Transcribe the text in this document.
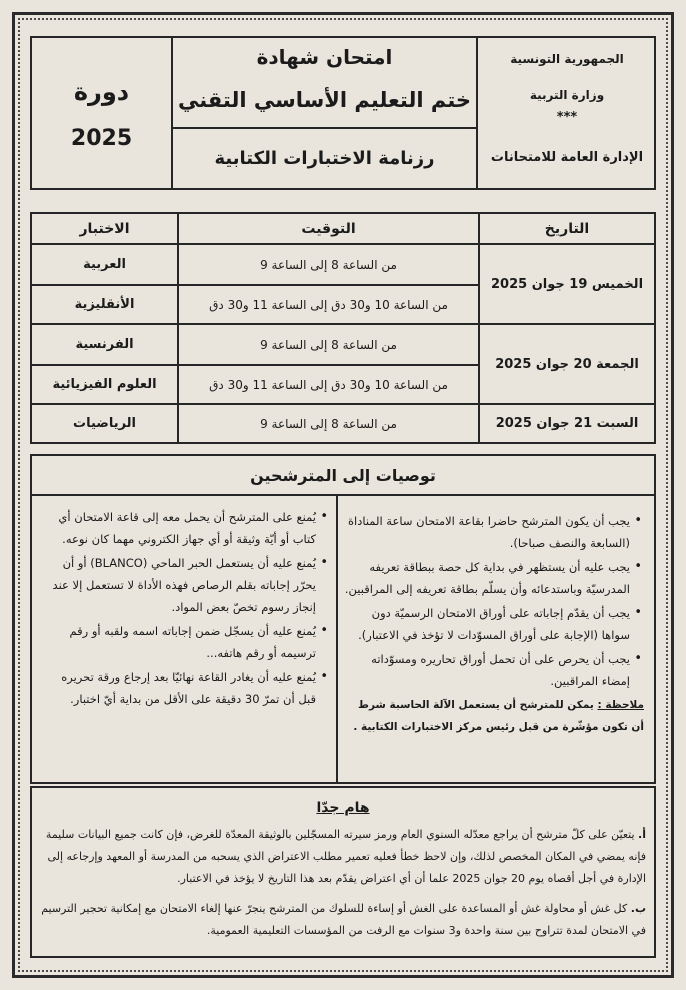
الجمهورية التونسية
وزارة التربية
***
الإدارة العامة للامتحانات
امتحان شهادة
ختم التعليم الأساسي التقني
رزنامة الاختبارات الكتابية
دورة
2025
التاريخ
التوقيت
الاختبار
الخميس 19 جوان 2025
من الساعة 8 إلى الساعة 9
العربية
من الساعة 10 و30 دق إلى الساعة 11 و30 دق
الأنقليزية
الجمعة 20 جوان 2025
من الساعة 8 إلى الساعة 9
الفرنسية
من الساعة 10 و30 دق إلى الساعة 11 و30 دق
العلوم الفيزيائية
السبت 21 جوان 2025
من الساعة 8 إلى الساعة 9
الرياضيات
توصيات إلى المترشحين
• يجب أن يكون المترشح حاضرا بقاعة الامتحان ساعة المناداة (السابعة والنصف صباحا).
• يجب عليه أن يستظهر في بداية كل حصة ببطاقة تعريفه المدرسيّة وباستدعائه وأن يسلّم بطاقة تعريفه إلى المراقبين.
• يجب أن يقدّم إجاباته على أوراق الامتحان الرسميّة دون سواها (الإجابة على أوراق المسوّدات لا تؤخذ في الاعتبار).
• يجب أن يحرص على أن تحمل أوراق تحاريره ومسوّداته إمضاء المراقبين.
ملاحظة : يمكن للمترشح أن يستعمل الآلة الحاسبة شرط أن تكون مؤشّرة من قبل رئيس مركز الاختبارات الكتابية .
• يُمنع على المترشح أن يحمل معه إلى قاعة الامتحان أي كتاب أو أيّة وثيقة أو أي جهاز الكتروني مهما كان نوعه.
• يُمنع عليه أن يستعمل الحبر الماحي (BLANCO) أو أن يحرّر إجاباته بقلم الرصاص فهذه الأداة لا تستعمل إلا عند إنجاز رسوم تخصّ بعض المواد.
• يُمنع عليه أن يسجّل ضمن إجاباته اسمه ولقبه أو رقم ترسيمه أو رقم هاتفه...
• يُمنع عليه أن يغادر القاعة نهائيّا بعد إرجاع ورقة تحريره قبل أن تمرّ 30 دقيقة على الأقل من بداية أيّ اختبار.
هام جدّا
أ. يتعيّن على كلّ مترشح أن يراجع معدّله السنوي العام ورمز سيرته المسجّلين بالوثيقة المعدّة للغرض، فإن كانت جميع البيانات سليمة فإنه يمضي في المكان المخصص لذلك، وإن لاحظ خطأ فعليه تعمير مطلب الاعتراض الذي يسحبه من المدرسة أو المعهد وإرجاعه إلى الإدارة في أجل أقصاه يوم 20 جوان 2025 علما أن أي اعتراض يقدّم بعد هذا التاريخ لا يؤخذ في الاعتبار.
ب. كل غش أو محاولة غش أو المساعدة على الغش أو إساءة للسلوك من المترشح ينجرّ عنها إلغاء الامتحان مع إمكانية تحجير الترسيم في الامتحان لمدة تتراوح بين سنة واحدة و3 سنوات مع الرفت من المؤسسات التعليمية العمومية.
